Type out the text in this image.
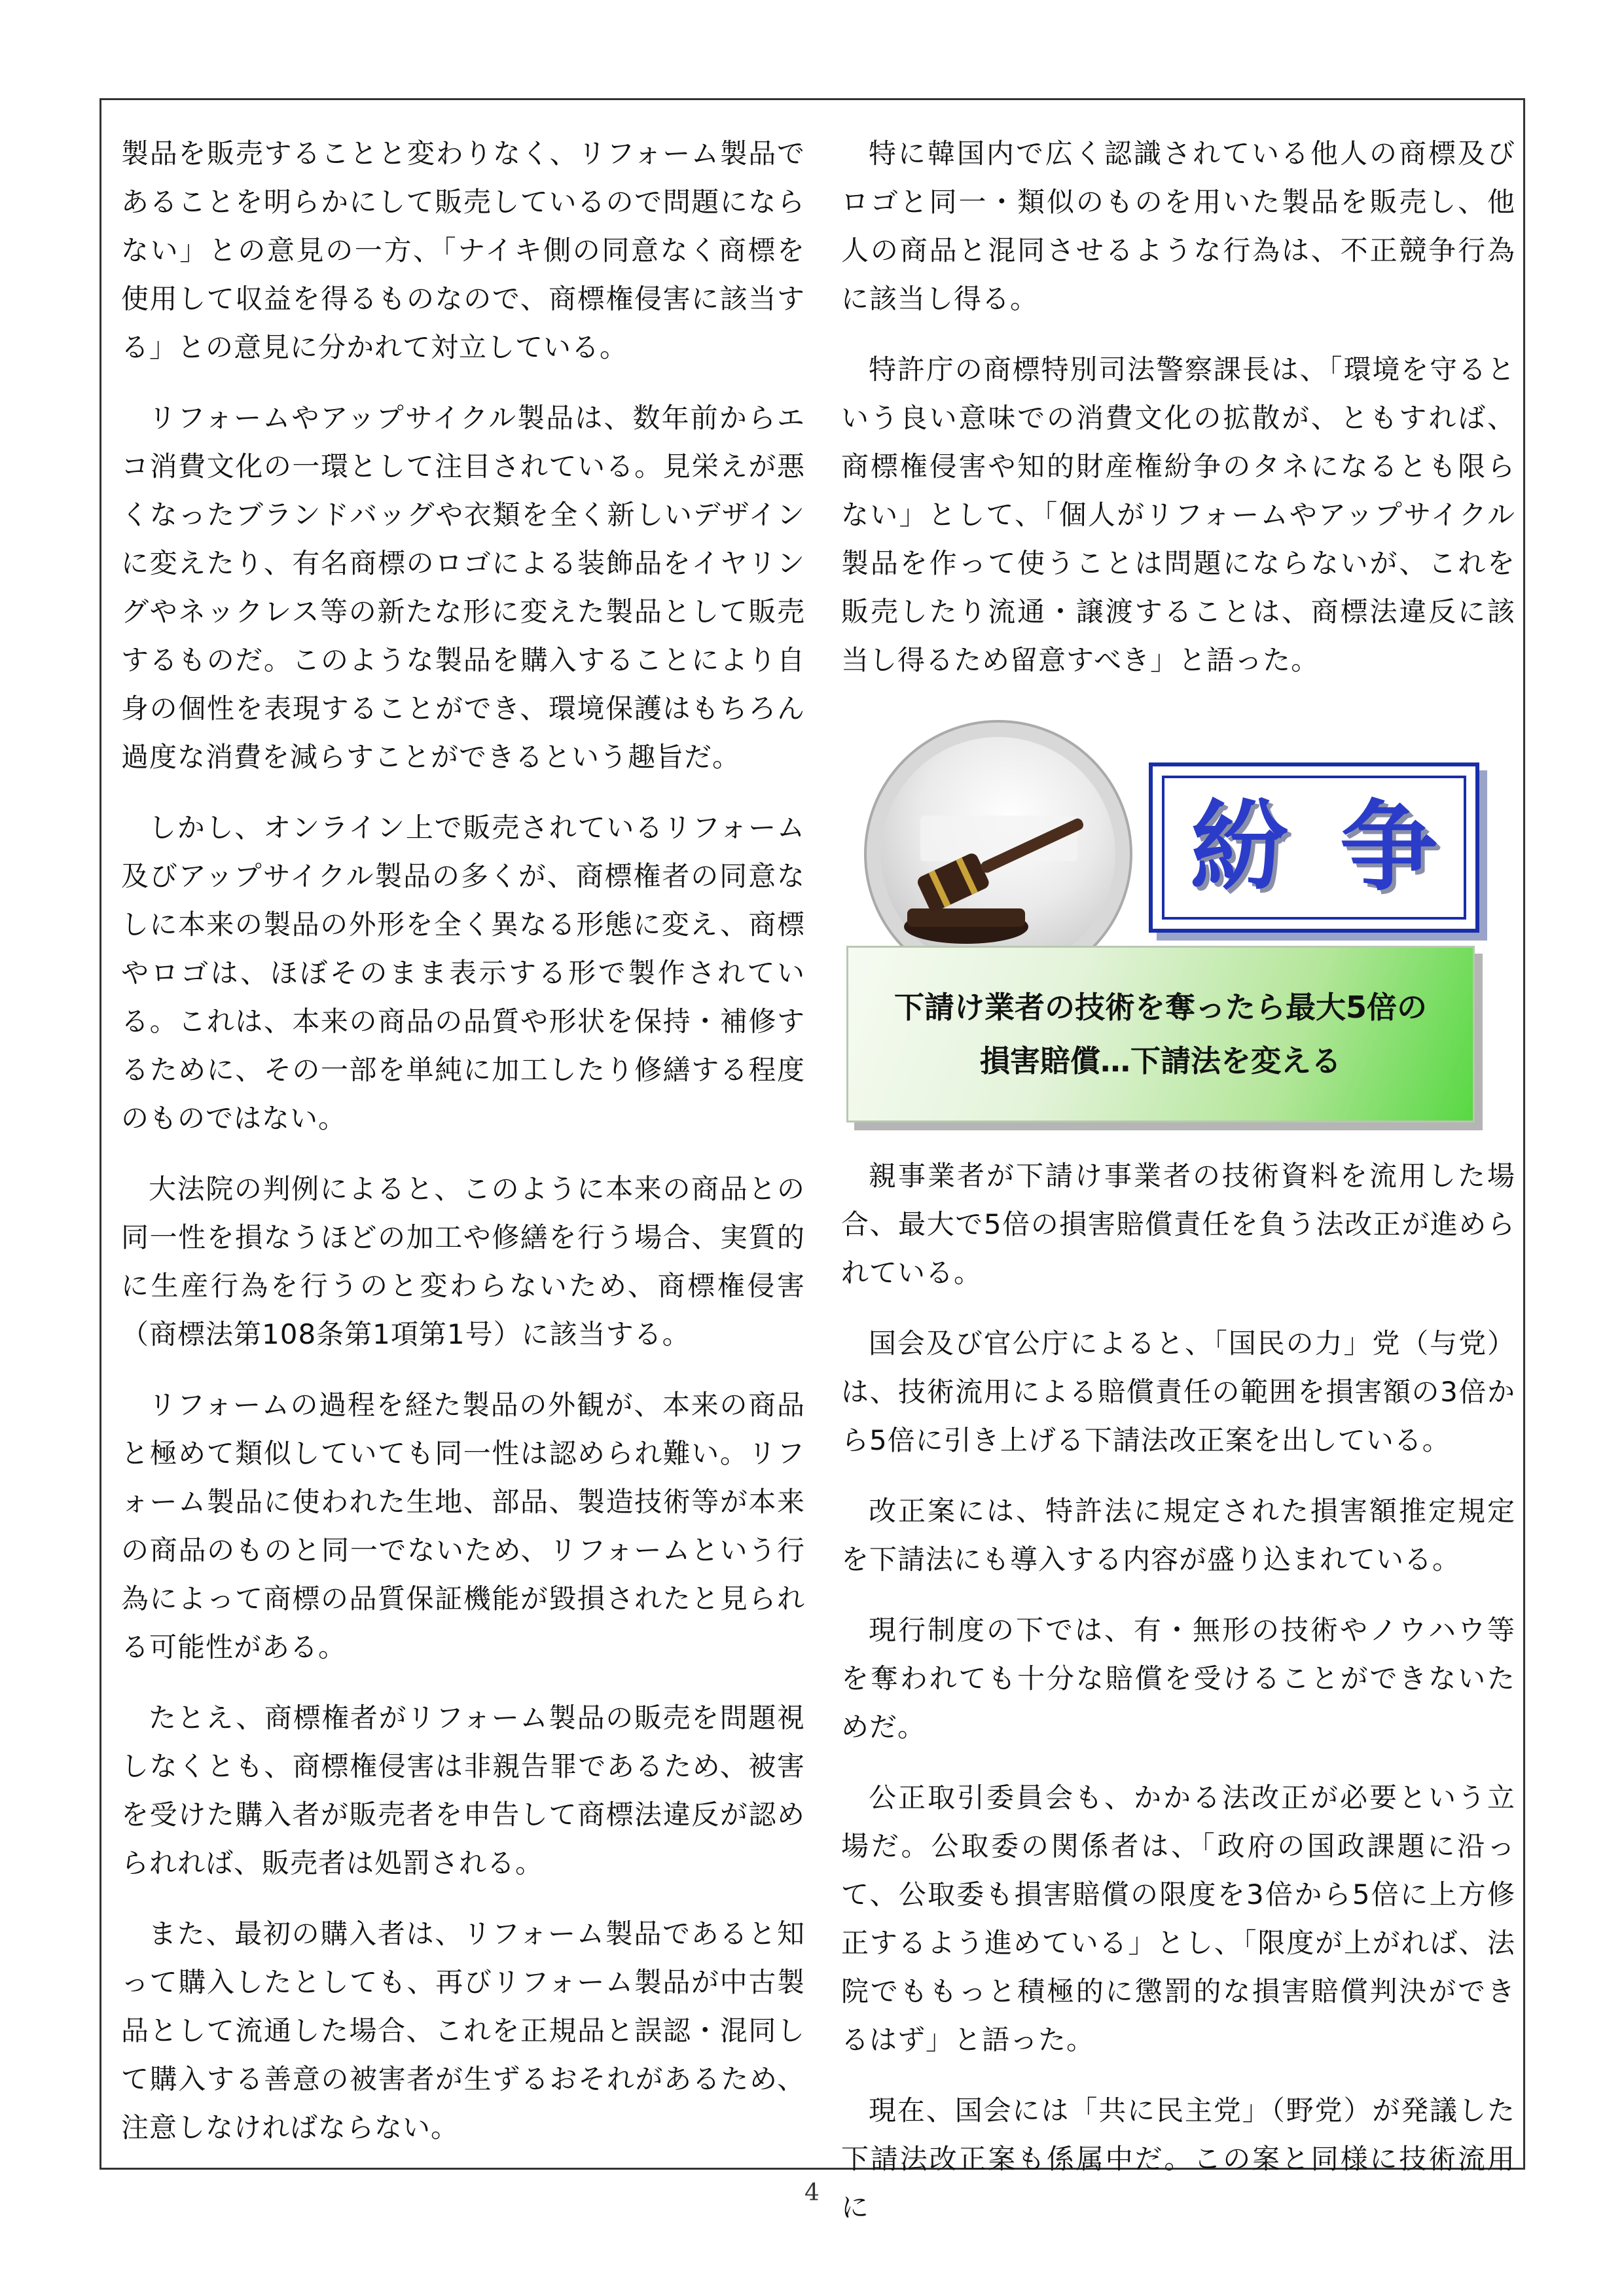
製品を販売することと変わりなく、リフォーム製品であることを明らかにして販売しているので問題にならない」との意見の一方、「ナイキ側の同意なく商標を使用して収益を得るものなので、商標権侵害に該当する」との意見に分かれて対立している。

リフォームやアップサイクル製品は、数年前からエコ消費文化の一環として注目されている。見栄えが悪くなったブランドバッグや衣類を全く新しいデザインに変えたり、有名商標のロゴによる装飾品をイヤリングやネックレス等の新たな形に変えた製品として販売するものだ。このような製品を購入することにより自身の個性を表現することができ、環境保護はもちろん過度な消費を減らすことができるという趣旨だ。

しかし、オンライン上で販売されているリフォーム及びアップサイクル製品の多くが、商標権者の同意なしに本来の製品の外形を全く異なる形態に変え、商標やロゴは、ほぼそのまま表示する形で製作されている。これは、本来の商品の品質や形状を保持・補修するために、その一部を単純に加工したり修繕する程度のものではない。

大法院の判例によると、このように本来の商品との同一性を損なうほどの加工や修繕を行う場合、実質的に生産行為を行うのと変わらないため、商標権侵害（商標法第108条第1項第1号）に該当する。

リフォームの過程を経た製品の外観が、本来の商品と極めて類似していても同一性は認められ難い。リフォーム製品に使われた生地、部品、製造技術等が本来の商品のものと同一でないため、リフォームという行為によって商標の品質保証機能が毀損されたと見られる可能性がある。

たとえ、商標権者がリフォーム製品の販売を問題視しなくとも、商標権侵害は非親告罪であるため、被害を受けた購入者が販売者を申告して商標法違反が認められれば、販売者は処罰される。

また、最初の購入者は、リフォーム製品であると知って購入したとしても、再びリフォーム製品が中古製品として流通した場合、これを正規品と誤認・混同して購入する善意の被害者が生ずるおそれがあるため、注意しなければならない。

特に韓国内で広く認識されている他人の商標及びロゴと同一・類似のものを用いた製品を販売し、他人の商品と混同させるような行為は、不正競争行為に該当し得る。

特許庁の商標特別司法警察課長は、「環境を守るという良い意味での消費文化の拡散が、ともすれば、商標権侵害や知的財産権紛争のタネになるとも限らない」として、「個人がリフォームやアップサイクル製品を作って使うことは問題にならないが、これを販売したり流通・譲渡することは、商標法違反に該当し得るため留意すべき」と語った。

紛 争
下請け業者の技術を奪ったら最大5倍の
損害賠償…下請法を変える

親事業者が下請け事業者の技術資料を流用した場合、最大で5倍の損害賠償責任を負う法改正が進められている。

国会及び官公庁によると、「国民の力」党（与党）は、技術流用による賠償責任の範囲を損害額の3倍から5倍に引き上げる下請法改正案を出している。

改正案には、特許法に規定された損害額推定規定を下請法にも導入する内容が盛り込まれている。

現行制度の下では、有・無形の技術やノウハウ等を奪われても十分な賠償を受けることができないためだ。

公正取引委員会も、かかる法改正が必要という立場だ。公取委の関係者は、「政府の国政課題に沿って、公取委も損害賠償の限度を3倍から5倍に上方修正するよう進めている」とし、「限度が上がれば、法院でももっと積極的に懲罰的な損害賠償判決ができるはず」と語った。

現在、国会には「共に民主党」（野党）が発議した下請法改正案も係属中だ。この案と同様に技術流用に

4
